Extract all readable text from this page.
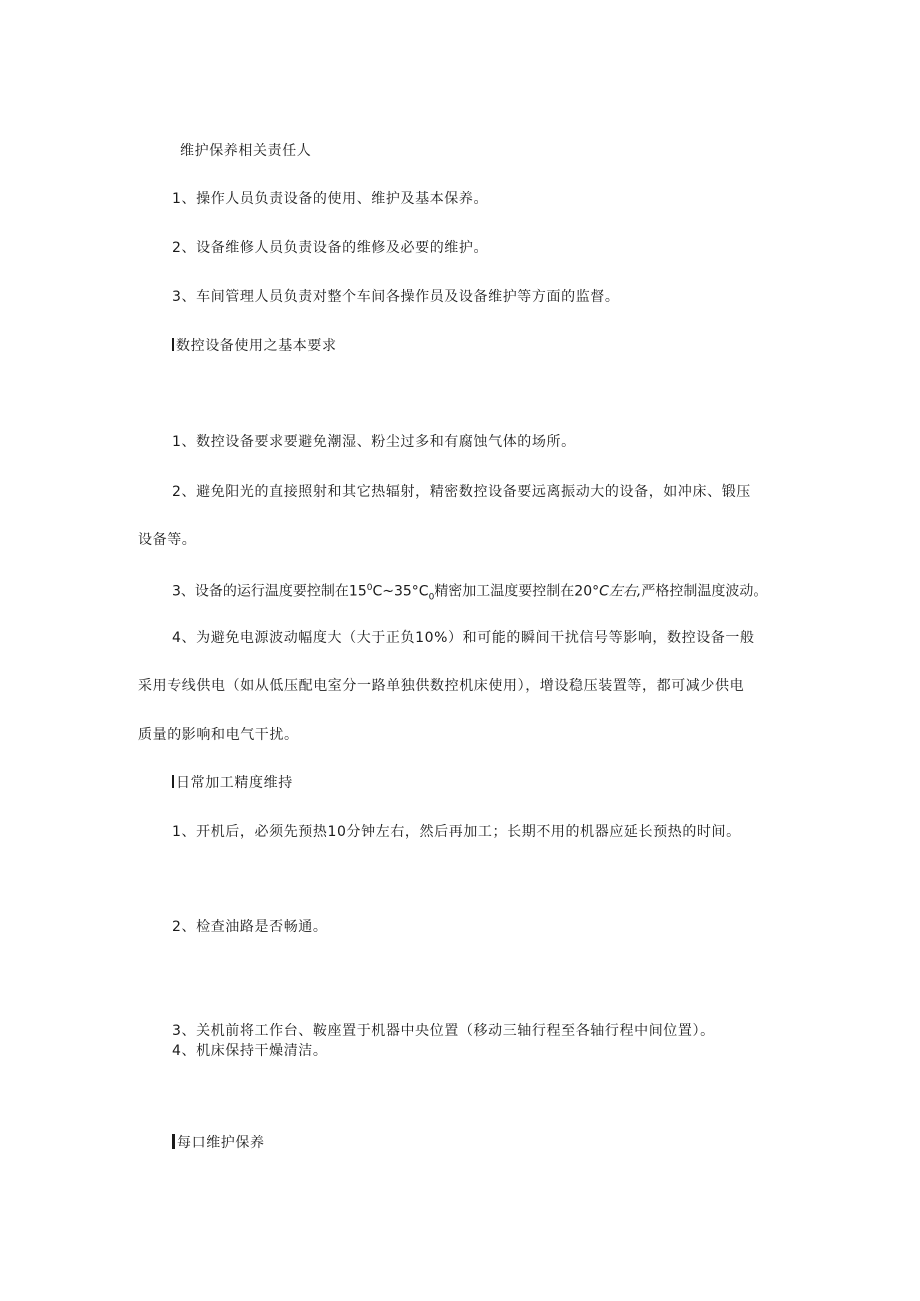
维护保养相关责任人
1、操作人员负责设备的使用、维护及基本保养。
2、设备维修人员负责设备的维修及必要的维护。
3、车间管理人员负责对整个车间各操作员及设备维护等方面的监督。
数控设备使用之基本要求
1、数控设备要求要避免潮湿、粉尘过多和有腐蚀气体的场所。
2、避免阳光的直接照射和其它热辐射，精密数控设备要远离振动大的设备，如冲床、锻压
设备等。
3、设备的运行温度要控制在$15^0C\sim 35^\circ C_0$精密加工温度要控制在20°C左右,严格控制温度波动。
4、为避免电源波动幅度大（大于正负10%）和可能的瞬间干扰信号等影响，数控设备一般
采用专线供电（如从低压配电室分一路单独供数控机床使用），增设稳压装置等，都可减少供电
质量的影响和电气干扰。
日常加工精度维持
1、开机后，必须先预热10分钟左右，然后再加工；长期不用的机器应延长预热的时间。
2、检查油路是否畅通。
3、关机前将工作台、鞍座置于机器中央位置（移动三轴行程至各轴行程中间位置）。
4、机床保持干燥清洁。
每口维护保养
